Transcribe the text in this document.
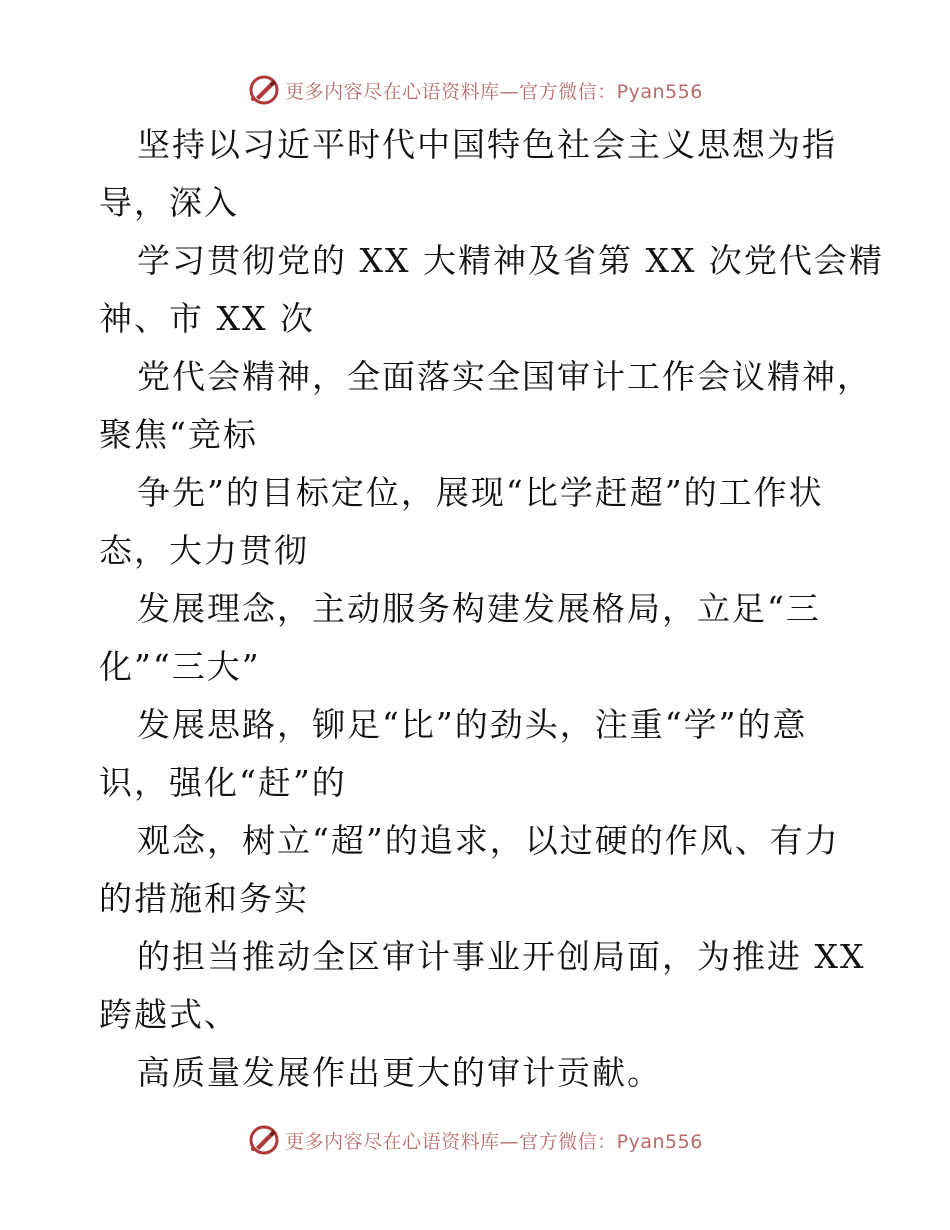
更多内容尽在心语资料库—官方微信：Pyan556
坚持以习近平时代中国特色社会主义思想为指
导，深入
学习贯彻党的 XX 大精神及省第 XX 次党代会精
神、市 XX 次
党代会精神，全面落实全国审计工作会议精神，
聚焦“竞标
争先”的目标定位，展现“比学赶超”的工作状
态，大力贯彻
发展理念，主动服务构建发展格局，立足“三
化”“三大”
发展思路，铆足“比”的劲头，注重“学”的意
识，强化“赶”的
观念，树立“超”的追求，以过硬的作风、有力
的措施和务实
的担当推动全区审计事业开创局面，为推进 XX
跨越式、
高质量发展作出更大的审计贡献。
更多内容尽在心语资料库—官方微信：Pyan556
